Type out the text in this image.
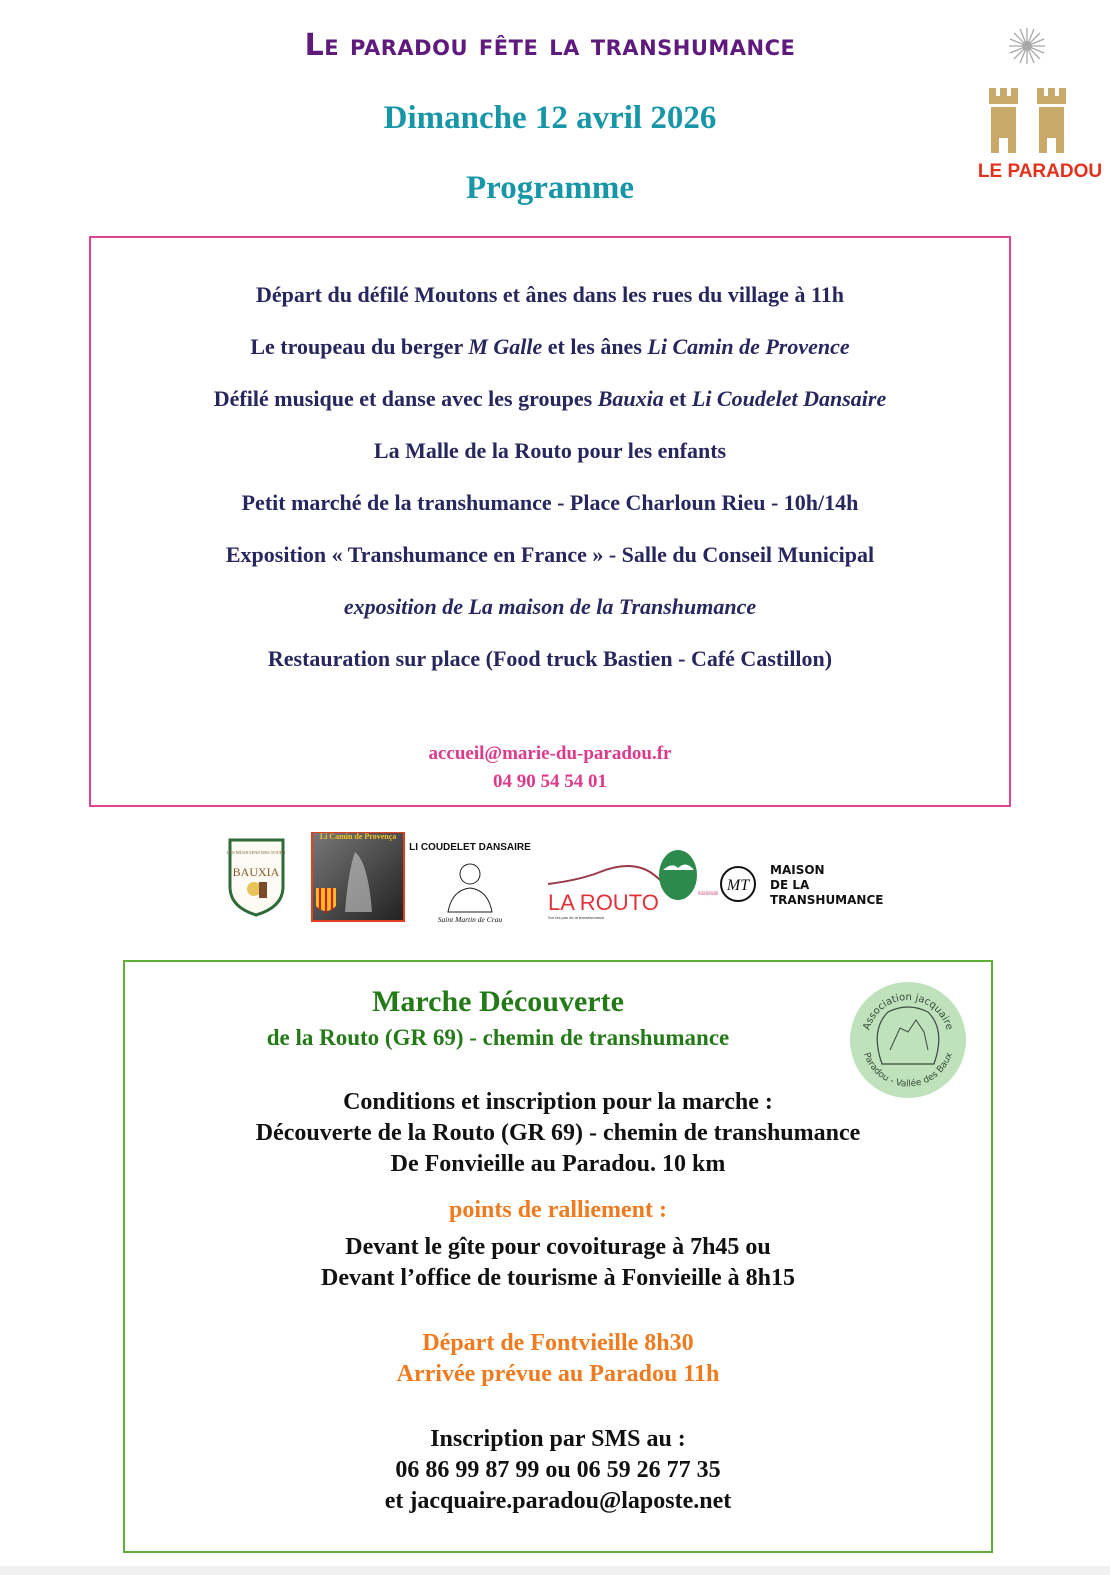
Le paradou fête la transhumance
Dimanche 12 avril 2026
Programme	LE PARADOU
Départ du défilé Moutons et ânes dans les rues du village à 11h
Le troupeau du berger M Galle et les ânes Li Camin de Provence
Défilé musique et danse avec les groupes Bauxia et Li Coudelet Dansaire
La Malle de la Routo pour les enfants
Petit marché de la transhumance - Place Charloun Rieu - 10h/14h
Exposition « Transhumance en France » - Salle du Conseil Municipal
exposition de La maison de la Transhumance
Restauration sur place (Food truck Bastien - Café Castillon)
accueil@marie-du-paradou.fr
04 90 54 54 01
LES MUSICIENS DES TOURS
BAUXIA
Li Camin de Provença
LI COUDELET DANSAIRE
Saint Martin de Crau
LA ROUTO
Sur les pas de la transhumance
Parc naturel régional des Alpilles MT
MAISON
DE LA
TRANSHUMANCE
Marche Découverte
de la Routo (GR 69) - chemin de transhumance	Association jacquaire
Paradou - Vallée des Baux
Conditions et inscription pour la marche :
Découverte de la Routo (GR 69) - chemin de transhumance
De Fonvieille au Paradou. 10 km
points de ralliement :
Devant le gîte pour covoiturage à 7h45 ou
Devant l’office de tourisme à Fonvieille à 8h15
Départ de Fontvieille 8h30
Arrivée prévue au Paradou 11h
Inscription par SMS au :
06 86 99 87 99 ou 06 59 26 77 35
et jacquaire.paradou@laposte.net
